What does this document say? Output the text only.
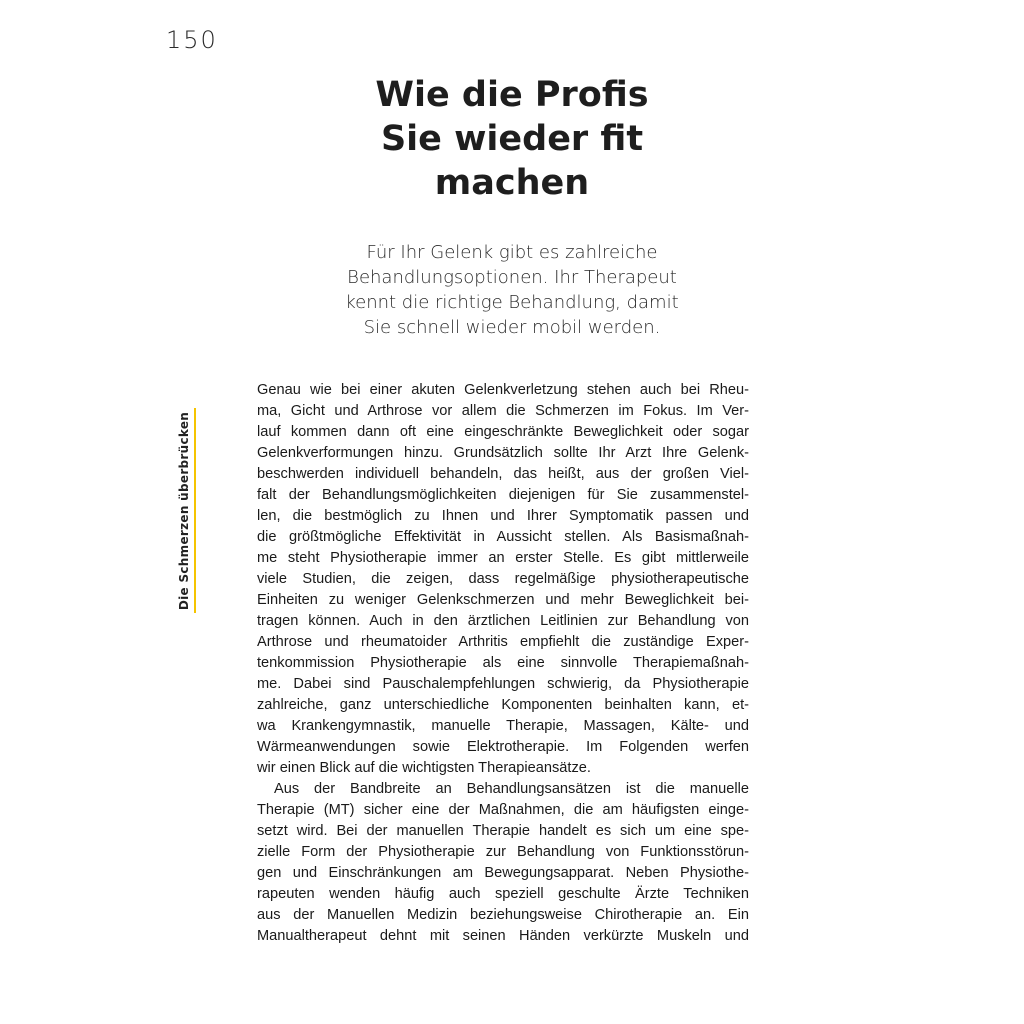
150
Die Schmerzen überbrücken
Wie die Profis
Sie wieder fit
machen
Für Ihr Gelenk gibt es zahlreiche
Behandlungsoptionen. Ihr Therapeut
kennt die richtige Behandlung, damit
Sie schnell wieder mobil werden.
Genau wie bei einer akuten Gelenkverletzung stehen auch bei Rheu-
ma, Gicht und Arthrose vor allem die Schmerzen im Fokus. Im Ver-
lauf kommen dann oft eine eingeschränkte Beweglichkeit oder sogar
Gelenkverformungen hinzu. Grundsätzlich sollte Ihr Arzt Ihre Gelenk-
beschwerden individuell behandeln, das heißt, aus der großen Viel-
falt der Behandlungsmöglichkeiten diejenigen für Sie zusammenstel-
len, die bestmöglich zu Ihnen und Ihrer Symptomatik passen und
die größtmögliche Effektivität in Aussicht stellen. Als Basismaßnah-
me steht Physiotherapie immer an erster Stelle. Es gibt mittlerweile
viele Studien, die zeigen, dass regelmäßige physiotherapeutische
Einheiten zu weniger Gelenkschmerzen und mehr Beweglichkeit bei-
tragen können. Auch in den ärztlichen Leitlinien zur Behandlung von
Arthrose und rheumatoider Arthritis empfiehlt die zuständige Exper-
tenkommission Physiotherapie als eine sinnvolle Therapiemaßnah-
me. Dabei sind Pauschalempfehlungen schwierig, da Physiotherapie
zahlreiche, ganz unterschiedliche Komponenten beinhalten kann, et-
wa Krankengymnastik, manuelle Therapie, Massagen, Kälte- und
Wärmeanwendungen sowie Elektrotherapie. Im Folgenden werfen
wir einen Blick auf die wichtigsten Therapieansätze.
Aus der Bandbreite an Behandlungsansätzen ist die manuelle
Therapie (MT) sicher eine der Maßnahmen, die am häufigsten einge-
setzt wird. Bei der manuellen Therapie handelt es sich um eine spe-
zielle Form der Physiotherapie zur Behandlung von Funktionsstörun-
gen und Einschränkungen am Bewegungsapparat. Neben Physiothe-
rapeuten wenden häufig auch speziell geschulte Ärzte Techniken
aus der Manuellen Medizin beziehungsweise Chirotherapie an. Ein
Manualtherapeut dehnt mit seinen Händen verkürzte Muskeln und
